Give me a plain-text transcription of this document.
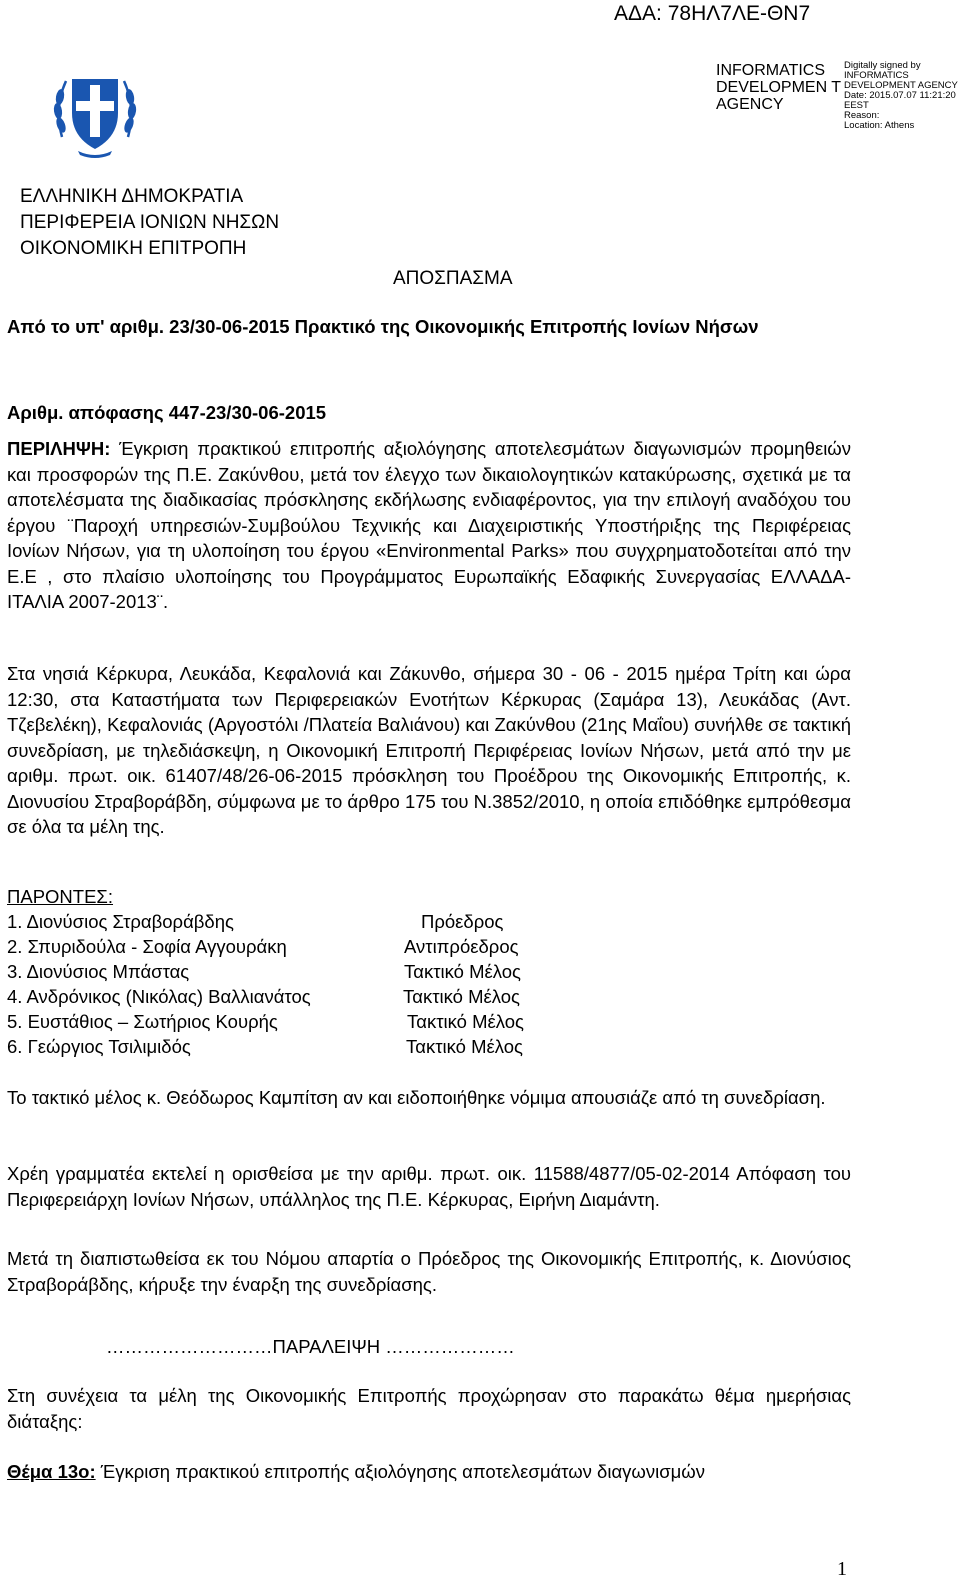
ΑΔΑ: 78ΗΛ7ΛΕ-ΘΝ7
INFORMATICS DEVELOPMEN T AGENCY
Digitally signed by
INFORMATICS
DEVELOPMENT AGENCY
Date: 2015.07.07 11:21:20
EEST
Reason:
Location: Athens
ΕΛΛΗΝΙΚΗ ΔΗΜΟΚΡΑΤΙΑ
ΠΕΡΙΦΕΡΕΙΑ ΙΟΝΙΩΝ ΝΗΣΩΝ
ΟΙΚΟΝΟΜΙΚΗ ΕΠΙΤΡΟΠΗ
ΑΠΟΣΠΑΣΜΑ
Από το υπ' αριθμ. 23/30-06-2015 Πρακτικό της Οικονομικής Επιτροπής Ιονίων Νήσων
Αριθμ. απόφασης 447-23/30-06-2015
ΠΕΡΙΛΗΨΗ: Έγκριση πρακτικού επιτροπής αξιολόγησης αποτελεσμάτων διαγωνισμών προμηθειών και προσφορών της Π.Ε. Ζακύνθου, μετά τον έλεγχο των δικαιολογητικών κατακύρωσης, σχετικά με τα αποτελέσματα της διαδικασίας πρόσκλησης εκδήλωσης ενδιαφέροντος, για την επιλογή αναδόχου του έργου ¨Παροχή υπηρεσιών-Συμβούλου Τεχνικής και Διαχειριστικής Υποστήριξης της Περιφέρειας Ιονίων Νήσων, για τη υλοποίηση του έργου «Environmental Parks» που συγχρηματοδοτείται από την Ε.Ε , στο πλαίσιο υλοποίησης του Προγράμματος Ευρωπαϊκής Εδαφικής Συνεργασίας ΕΛΛΑΔΑ-ΙΤΑΛΙΑ 2007-2013¨.
Στα νησιά Κέρκυρα, Λευκάδα, Κεφαλονιά και Ζάκυνθο, σήμερα 30 - 06 - 2015 ημέρα Τρίτη και ώρα 12:30, στα Καταστήματα των Περιφερειακών Ενοτήτων Κέρκυρας (Σαμάρα 13), Λευκάδας (Αντ. Τζεβελέκη), Κεφαλονιάς (Αργοστόλι /Πλατεία Βαλιάνου) και Ζακύνθου (21ης Μαΐου) συνήλθε σε τακτική συνεδρίαση, με τηλεδιάσκεψη, η Οικονομική Επιτροπή Περιφέρειας Ιονίων Νήσων, μετά από την με αριθμ. πρωτ. οικ. 61407/48/26-06-2015 πρόσκληση του Προέδρου της Οικονομικής Επιτροπής, κ. Διονυσίου Στραβοράβδη, σύμφωνα με το άρθρο 175 του Ν.3852/2010, η οποία επιδόθηκε εμπρόθεσμα σε όλα τα μέλη της.
ΠΑΡΟΝΤΕΣ:
1. Διονύσιος Στραβοράβδης	Πρόεδρος
2. Σπυριδούλα - Σοφία Αγγουράκη	Αντιπρόεδρος
3. Διονύσιος Μπάστας	Τακτικό Μέλος
4. Ανδρόνικος (Νικόλας) Βαλλιανάτος	Τακτικό Μέλος
5. Ευστάθιος – Σωτήριος Κουρής	Τακτικό Μέλος
6. Γεώργιος Τσιλιμιδός	Τακτικό Μέλος
Το τακτικό μέλος κ. Θεόδωρος Καμπίτση αν και ειδοποιήθηκε νόμιμα απουσιάζε από τη συνεδρίαση.
Χρέη γραμματέα εκτελεί η ορισθείσα με την αριθμ. πρωτ. οικ. 11588/4877/05-02-2014 Απόφαση του Περιφερειάρχη Ιονίων Νήσων, υπάλληλος της Π.Ε. Κέρκυρας, Ειρήνη Διαμάντη.
Μετά τη διαπιστωθείσα εκ του Νόμου απαρτία ο Πρόεδρος της Οικονομικής Επιτροπής, κ. Διονύσιος Στραβοράβδης, κήρυξε την έναρξη της συνεδρίασης.
………………………ΠΑΡΑΛΕΙΨΗ …………………
Στη συνέχεια τα μέλη της Οικονομικής Επιτροπής προχώρησαν στο παρακάτω θέμα ημερήσιας διάταξης:
Θέμα 13ο: Έγκριση πρακτικού επιτροπής αξιολόγησης αποτελεσμάτων διαγωνισμών
1
